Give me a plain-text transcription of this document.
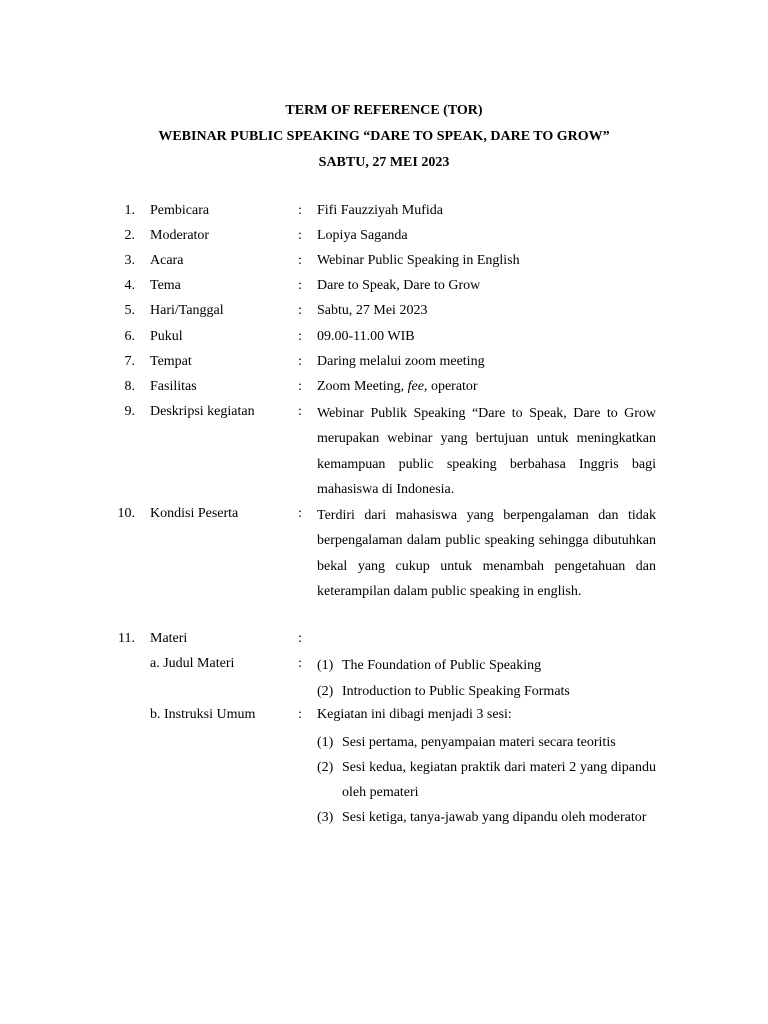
TERM OF REFERENCE (TOR)
WEBINAR PUBLIC SPEAKING “DARE TO SPEAK, DARE TO GROW”
SABTU, 27 MEI 2023
1. Pembicara	: Fifi Fauzziyah Mufida
2. Moderator	: Lopiya Saganda
3. Acara	: Webinar Public Speaking in English
4. Tema	: Dare to Speak, Dare to Grow
5. Hari/Tanggal	: Sabtu, 27 Mei 2023
6. Pukul	: 09.00-11.00 WIB
7. Tempat	: Daring melalui zoom meeting
8. Fasilitas	: Zoom Meeting, fee, operator
9. Deskripsi kegiatan	: Webinar Publik Speaking “Dare to Speak, Dare to Grow merupakan webinar yang bertujuan untuk meningkatkan kemampuan public speaking berbahasa Inggris bagi mahasiswa di Indonesia.
10. Kondisi Peserta	: Terdiri dari mahasiswa yang berpengalaman dan tidak berpengalaman dalam public speaking sehingga dibutuhkan bekal yang cukup untuk menambah pengetahuan dan keterampilan dalam public speaking in english.
11. Materi	:
a. Judul Materi	: (1) The Foundation of Public Speaking
(2) Introduction to Public Speaking Formats
b. Instruksi Umum	: Kegiatan ini dibagi menjadi 3 sesi:
(1) Sesi pertama, penyampaian materi secara teoritis
(2) Sesi kedua, kegiatan praktik dari materi 2 yang dipandu oleh pemateri
(3) Sesi ketiga, tanya-jawab yang dipandu oleh moderator
